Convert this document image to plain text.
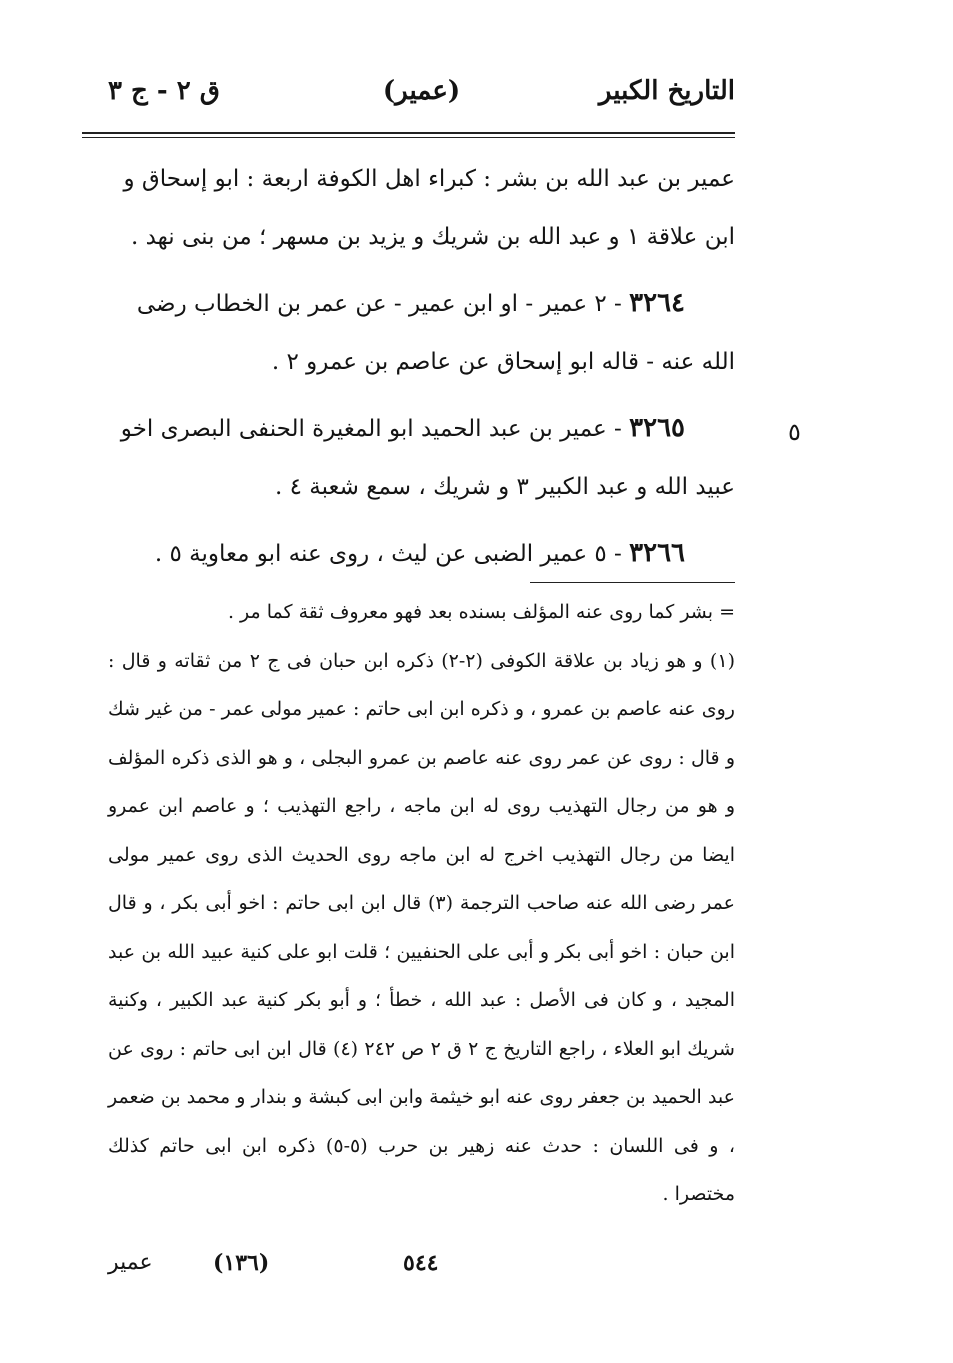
التاريخ الكبير
(عمير)
ق ٢ - ج ٣

عمير بن عبد الله بن بشر : كبراء اهل الكوفة اربعة : ابو إسحاق و ابن علاقة ١ و عبد الله بن شريك و يزيد بن مسهر ؛ من بنى نهد .

٣٢٦٤ - ٢ عمير - او ابن عمير - عن عمر بن الخطاب رضى الله عنه - قاله ابو إسحاق عن عاصم بن عمرو ٢ .

٣٢٦٥ - عمير بن عبد الحميد ابو المغيرة الحنفى البصرى اخو عبيد الله و عبد الكبير ٣ و شريك ، سمع شعبة ٤ .

٣٢٦٦ - ٥ عمير الضبى عن ليث ، روى عنه ابو معاوية ٥ .

٥

= بشر كما روى عنه المؤلف بسنده بعد فهو معروف ثقة كما مر .

(١) و هو زياد بن علاقة الكوفى (٢-٢) ذكره ابن حبان فى ج ٢ من ثقاته و قال : روى عنه عاصم بن عمرو ، و ذكره ابن ابى حاتم : عمير مولى عمر - من غير شك و قال : روى عن عمر روى عنه عاصم بن عمرو البجلى ، و هو الذى ذكره المؤلف و هو من رجال التهذيب روى له ابن ماجه ، راجع التهذيب ؛ و عاصم ابن عمرو ايضا من رجال التهذيب اخرج له ابن ماجه روى الحديث الذى روى عمير مولى عمر رضى الله عنه صاحب الترجمة (٣) قال ابن ابى حاتم : اخو أبى بكر ، و قال ابن حبان : اخو أبى بكر و أبى على الحنفيين ؛ قلت ابو على كنية عبيد الله بن عبد المجيد ، و كان فى الأصل : عبد الله ، خطأ ؛ و أبو بكر كنية عبد الكبير ، وكنية شريك ابو العلاء ، راجع التاريخ ج ٢ ق ٢ ص ٢٤٢ (٤) قال ابن ابى حاتم : روى عن عبد الحميد بن جعفر روى عنه ابو خيثمة وابن ابى كبشة و بندار و محمد بن ضعمر ، و فى اللسان : حدث عنه زهير بن حرب (٥-٥) ذكره ابن ابى حاتم كذلك مختصرا .

عمير	(١٣٦)	٥٤٤
